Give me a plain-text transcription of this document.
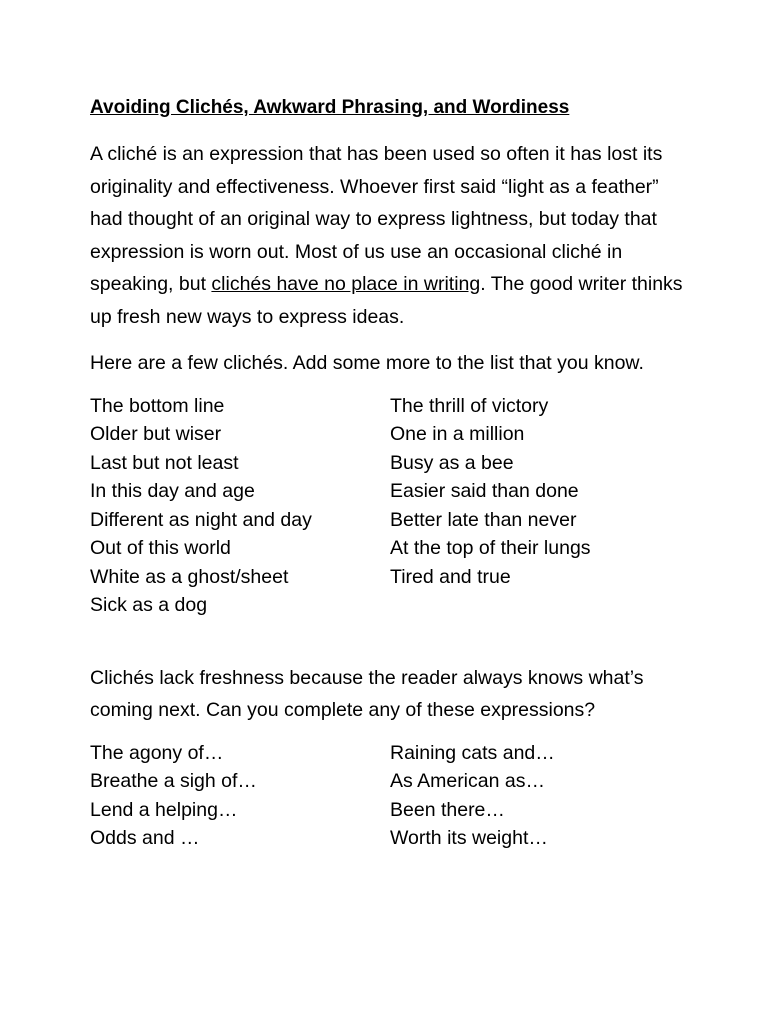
Avoiding Clichés, Awkward Phrasing, and Wordiness

A cliché is an expression that has been used so often it has lost its originality and effectiveness. Whoever first said “light as a feather” had thought of an original way to express lightness, but today that expression is worn out. Most of us use an occasional cliché in speaking, but clichés have no place in writing. The good writer thinks up fresh new ways to express ideas.

Here are a few clichés. Add some more to the list that you know.

The bottom line
Older but wiser
Last but not least
In this day and age
Different as night and day
Out of this world
White as a ghost/sheet
Sick as a dog
The thrill of victory
One in a million
Busy as a bee
Easier said than done
Better late than never
At the top of their lungs
Tired and true

Clichés lack freshness because the reader always knows what’s coming next. Can you complete any of these expressions?

The agony of…
Breathe a sigh of…
Lend a helping…
Odds and …
Raining cats and…
As American as…
Been there…
Worth its weight…
